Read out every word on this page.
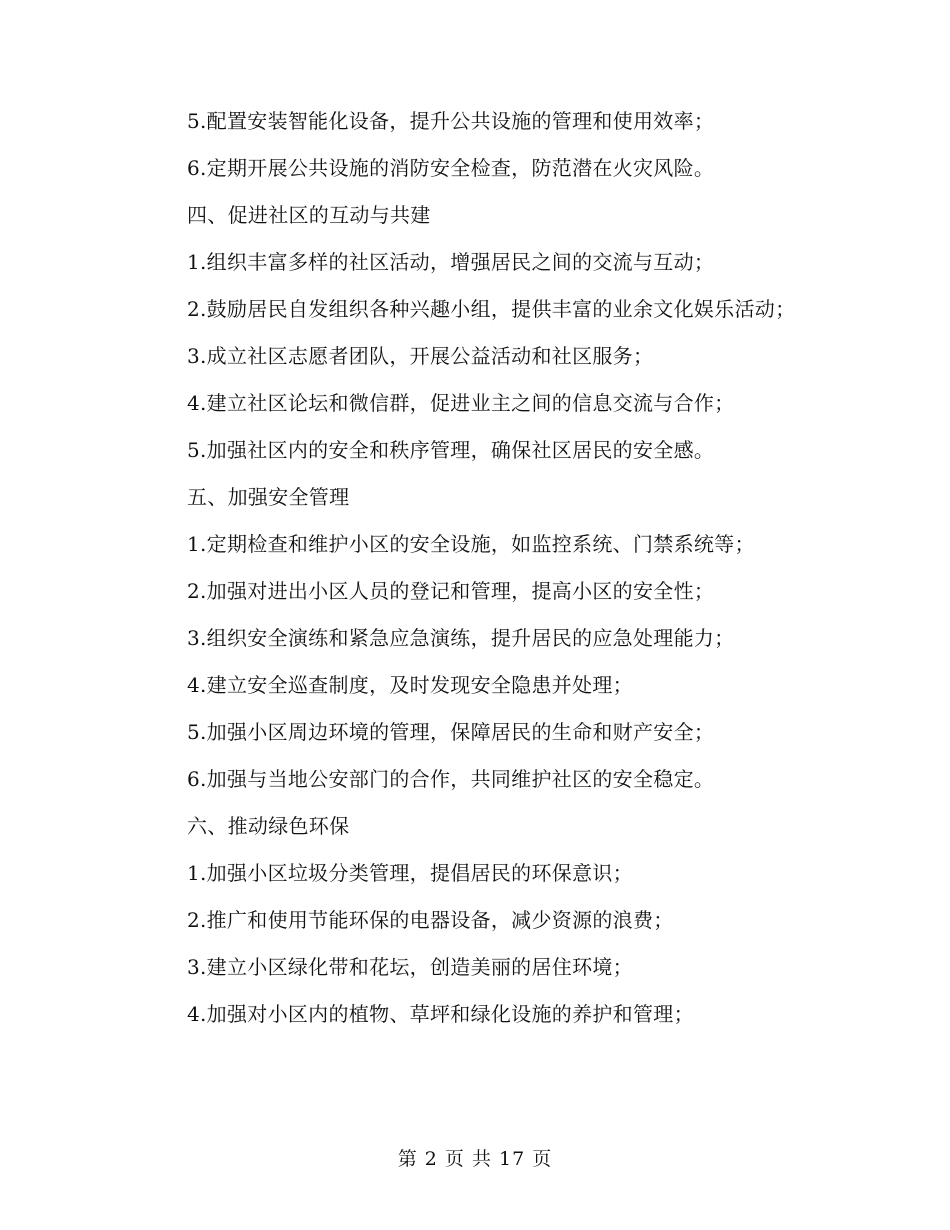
5.配置安装智能化设备，提升公共设施的管理和使用效率；

6.定期开展公共设施的消防安全检查，防范潜在火灾风险。

四、促进社区的互动与共建

1.组织丰富多样的社区活动，增强居民之间的交流与互动；

2.鼓励居民自发组织各种兴趣小组，提供丰富的业余文化娱乐活动；

3.成立社区志愿者团队，开展公益活动和社区服务；

4.建立社区论坛和微信群，促进业主之间的信息交流与合作；

5.加强社区内的安全和秩序管理，确保社区居民的安全感。

五、加强安全管理

1.定期检查和维护小区的安全设施，如监控系统、门禁系统等；

2.加强对进出小区人员的登记和管理，提高小区的安全性；

3.组织安全演练和紧急应急演练，提升居民的应急处理能力；

4.建立安全巡查制度，及时发现安全隐患并处理；

5.加强小区周边环境的管理，保障居民的生命和财产安全；

6.加强与当地公安部门的合作，共同维护社区的安全稳定。

六、推动绿色环保

1.加强小区垃圾分类管理，提倡居民的环保意识；

2.推广和使用节能环保的电器设备，减少资源的浪费；

3.建立小区绿化带和花坛，创造美丽的居住环境；

4.加强对小区内的植物、草坪和绿化设施的养护和管理；

第 2 页 共 17 页
